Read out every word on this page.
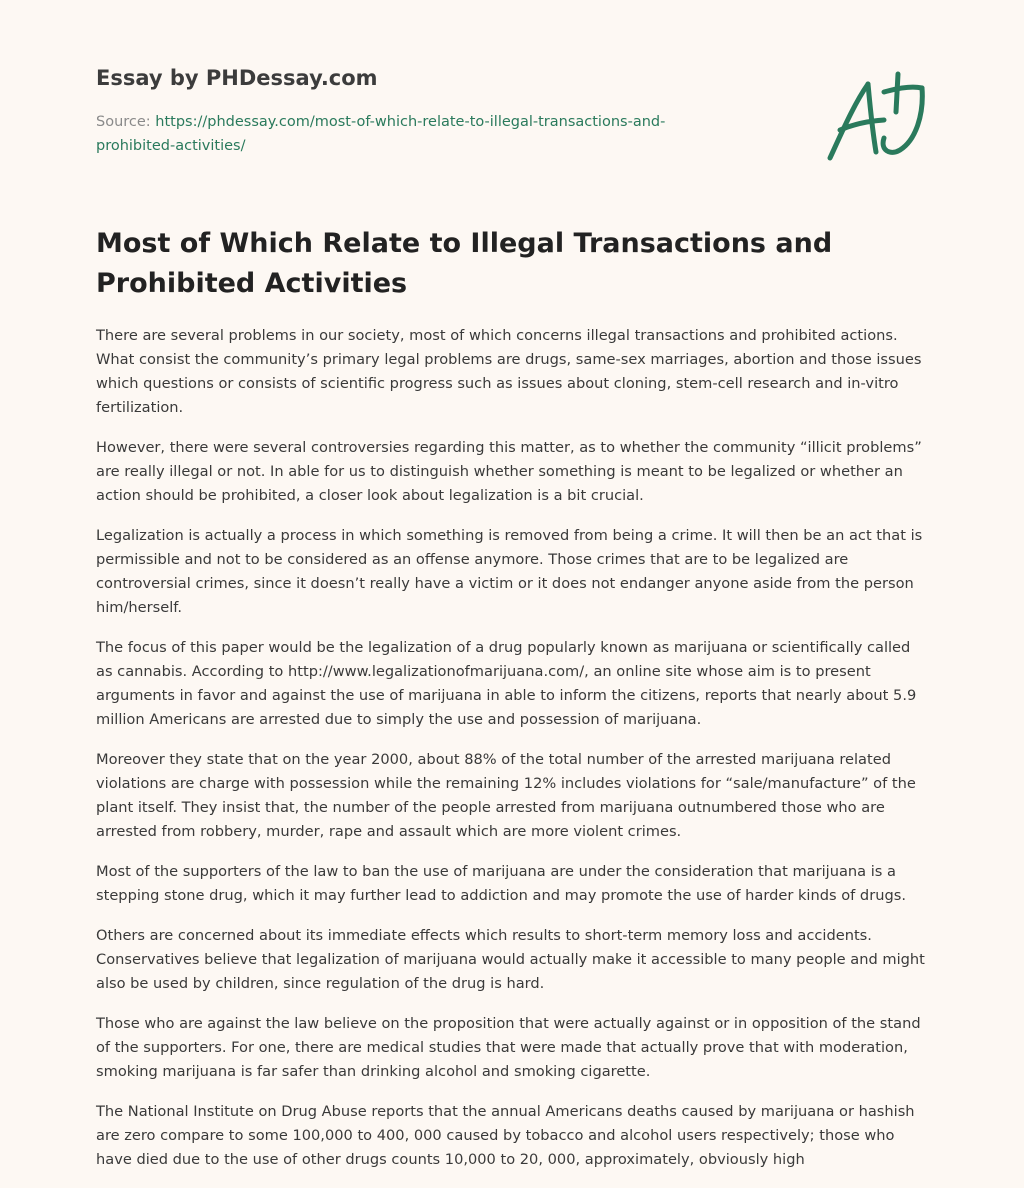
Essay by PHDessay.com
Source: https://phdessay.com/most-of-which-relate-to-illegal-transactions-and-prohibited-activities/
Most of Which Relate to Illegal Transactions and Prohibited Activities

There are several problems in our society, most of which concerns illegal transactions and prohibited actions. What consist the community’s primary legal problems are drugs, same-sex marriages, abortion and those issues which questions or consists of scientific progress such as issues about cloning, stem-cell research and in-vitro fertilization.

However, there were several controversies regarding this matter, as to whether the community “illicit problems” are really illegal or not. In able for us to distinguish whether something is meant to be legalized or whether an action should be prohibited, a closer look about legalization is a bit crucial.

Legalization is actually a process in which something is removed from being a crime. It will then be an act that is permissible and not to be considered as an offense anymore. Those crimes that are to be legalized are controversial crimes, since it doesn’t really have a victim or it does not endanger anyone aside from the person him/herself.

The focus of this paper would be the legalization of a drug popularly known as marijuana or scientifically called as cannabis. According to http://www.legalizationofmarijuana.com/, an online site whose aim is to present arguments in favor and against the use of marijuana in able to inform the citizens, reports that nearly about 5.9 million Americans are arrested due to simply the use and possession of marijuana.

Moreover they state that on the year 2000, about 88% of the total number of the arrested marijuana related violations are charge with possession while the remaining 12% includes violations for “sale/manufacture” of the plant itself. They insist that, the number of the people arrested from marijuana outnumbered those who are arrested from robbery, murder, rape and assault which are more violent crimes.

Most of the supporters of the law to ban the use of marijuana are under the consideration that marijuana is a stepping stone drug, which it may further lead to addiction and may promote the use of harder kinds of drugs.

Others are concerned about its immediate effects which results to short-term memory loss and accidents. Conservatives believe that legalization of marijuana would actually make it accessible to many people and might also be used by children, since regulation of the drug is hard.

Those who are against the law believe on the proposition that were actually against or in opposition of the stand of the supporters. For one, there are medical studies that were made that actually prove that with moderation, smoking marijuana is far safer than drinking alcohol and smoking cigarette.

The National Institute on Drug Abuse reports that the annual Americans deaths caused by marijuana or hashish are zero compare to some 100,000 to 400, 000 caused by tobacco and alcohol users respectively; those who have died due to the use of other drugs counts 10,000 to 20, 000, approximately, obviously high
